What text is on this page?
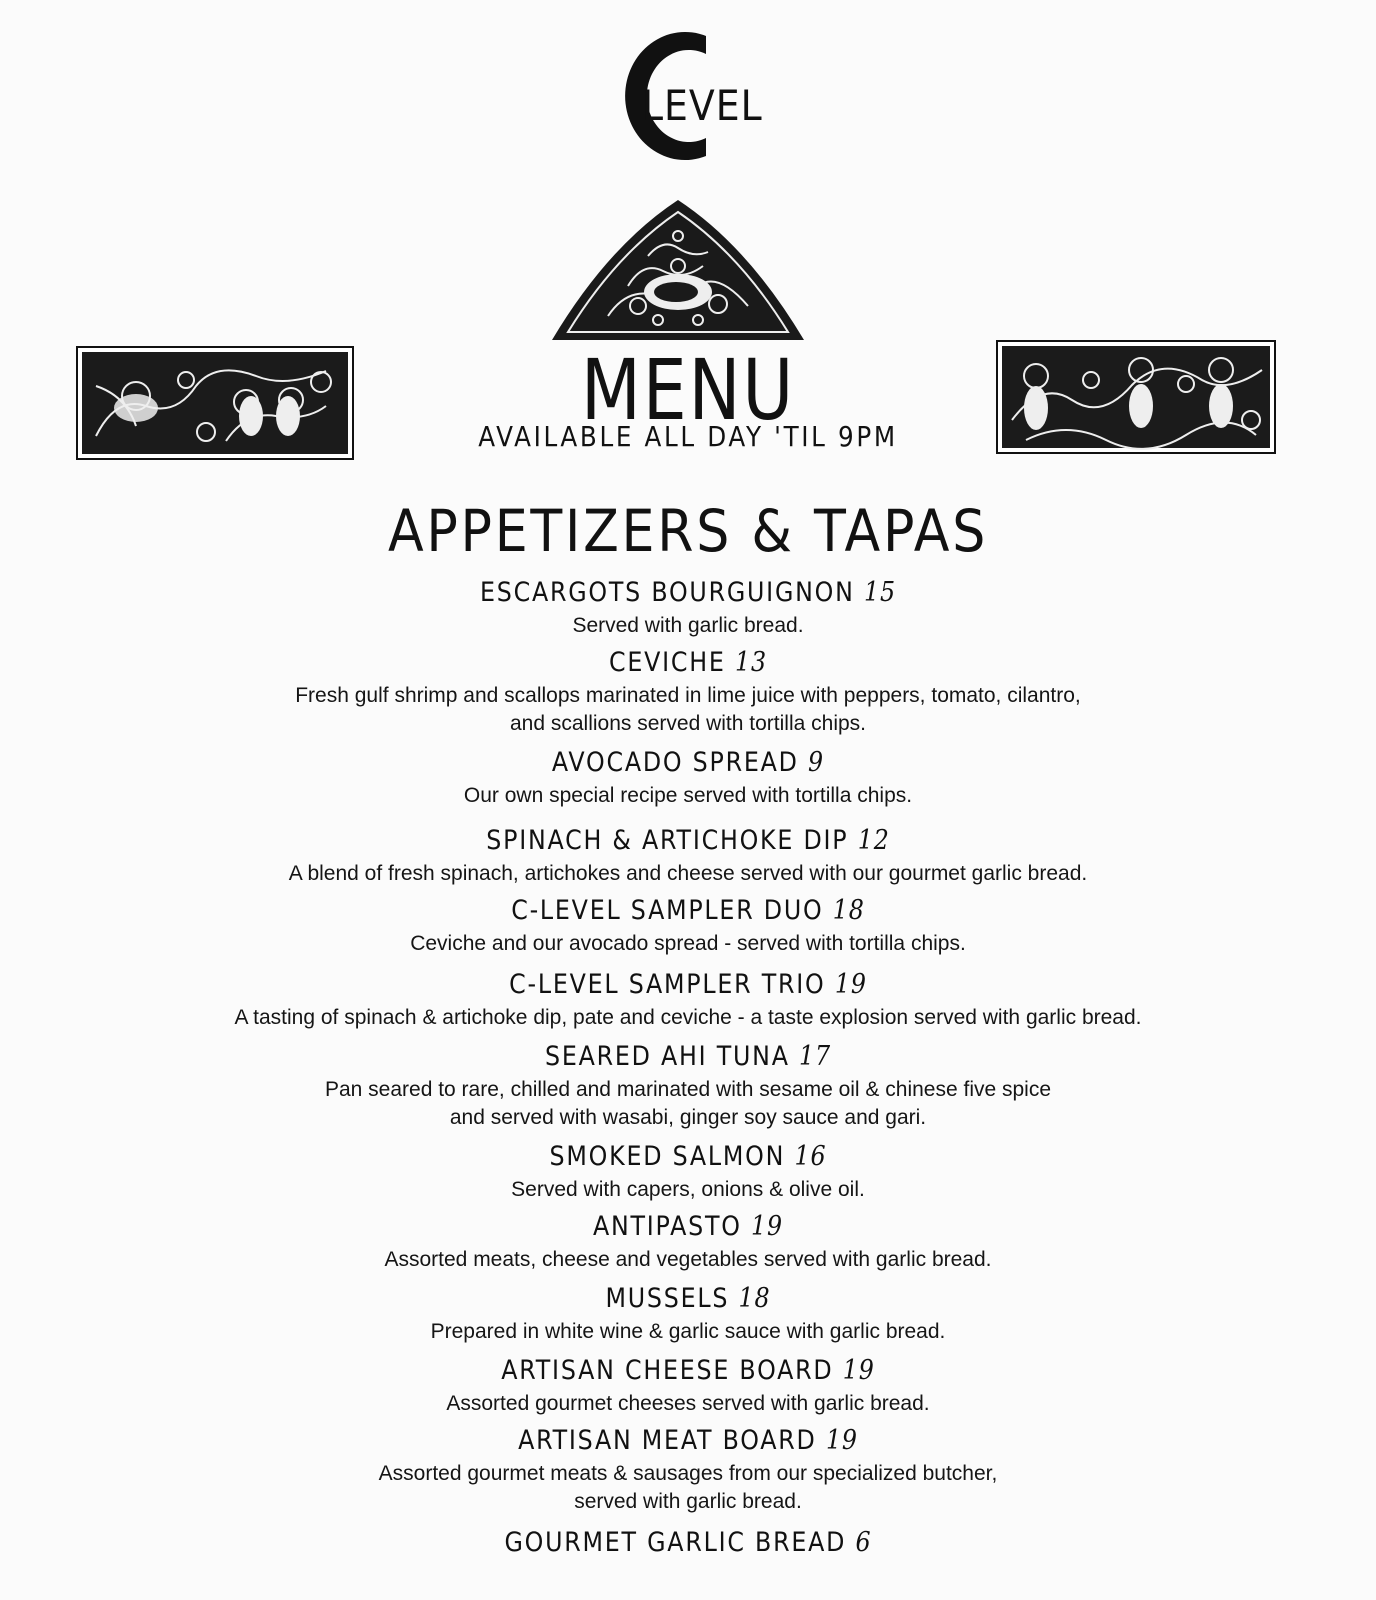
LEVEL
MENU
AVAILABLE ALL DAY 'TIL 9PM
APPETIZERS & TAPAS
ESCARGOTS BOURGUIGNON 15
Served with garlic bread.
CEVICHE 13
Fresh gulf shrimp and scallops marinated in lime juice with peppers, tomato, cilantro,
and scallions served with tortilla chips.
AVOCADO SPREAD 9
Our own special recipe served with tortilla chips.
SPINACH & ARTICHOKE DIP 12
A blend of fresh spinach, artichokes and cheese served with our gourmet garlic bread.
C-LEVEL SAMPLER DUO 18
Ceviche and our avocado spread - served with tortilla chips.
C-LEVEL SAMPLER TRIO 19
A tasting of spinach & artichoke dip, pate and ceviche - a taste explosion served with garlic bread.
SEARED AHI TUNA 17
Pan seared to rare, chilled and marinated with sesame oil & chinese five spice
and served with wasabi, ginger soy sauce and gari.
SMOKED SALMON 16
Served with capers, onions & olive oil.
ANTIPASTO 19
Assorted meats, cheese and vegetables served with garlic bread.
MUSSELS 18
Prepared in white wine & garlic sauce with garlic bread.
ARTISAN CHEESE BOARD 19
Assorted gourmet cheeses served with garlic bread.
ARTISAN MEAT BOARD 19
Assorted gourmet meats & sausages from our specialized butcher,
served with garlic bread.
GOURMET GARLIC BREAD 6
